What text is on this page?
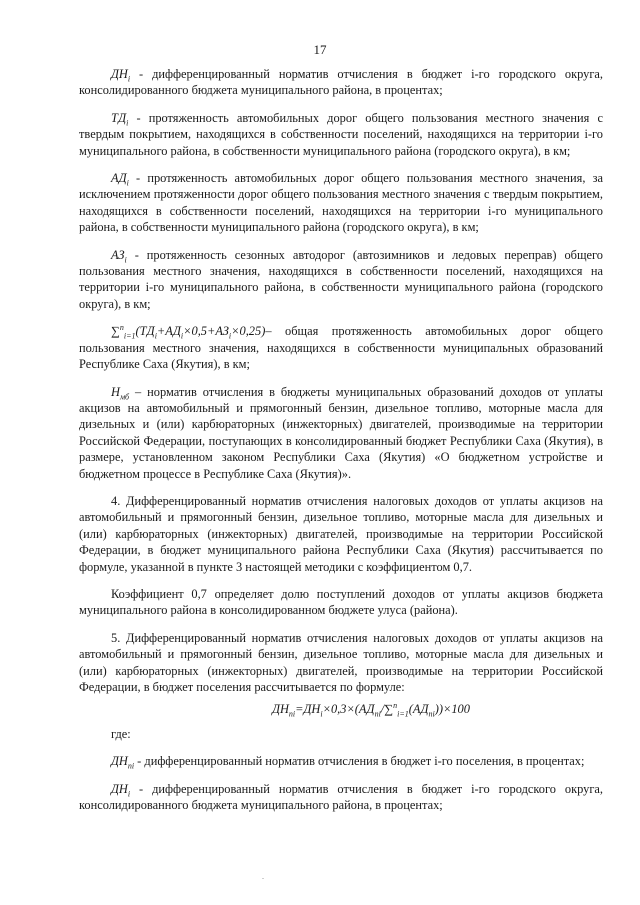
17

$ДН_i$ - дифференцированный норматив отчисления в бюджет i-го городского округа, консолидированного бюджета муниципального района, в процентах;

$ТД_i$ - протяженность автомобильных дорог общего пользования местного значения с твердым покрытием, находящихся в собственности поселений, находящихся на территории i-го муниципального района, в собственности муниципального района (городского округа), в км;

$АД_i$ - протяженность автомобильных дорог общего пользования местного значения, за исключением протяженности дорог общего пользования местного значения с твердым покрытием, находящихся в собственности поселений, находящихся на территории i-го муниципального района, в собственности муниципального района (городского округа), в км;

$АЗ_i$ - протяженность сезонных автодорог (автозимников и ледовых переправ) общего пользования местного значения, находящихся в собственности поселений, находящихся на территории i-го муниципального района, в собственности муниципального района (городского округа), в км;

$\sum^n_{i=1}(ТД_i+АД_i\times 0,5+АЗ_i\times 0,25)-$ общая протяженность автомобильных дорог общего пользования местного значения, находящихся в собственности муниципальных образований Республике Саха (Якутия), в км;

$Н_{мб}$ – норматив отчисления в бюджеты муниципальных образований доходов от уплаты акцизов на автомобильный и прямогонный бензин, дизельное топливо, моторные масла для дизельных и (или) карбюраторных (инжекторных) двигателей, производимые на территории Российской Федерации, поступающих в консолидированный бюджет Республики Саха (Якутия), в размере, установленном законом Республики Саха (Якутия) «О бюджетном устройстве и бюджетном процессе в Республике Саха (Якутия)».

4. Дифференцированный норматив отчисления налоговых доходов от уплаты акцизов на автомобильный и прямогонный бензин, дизельное топливо, моторные масла для дизельных и (или) карбюраторных (инжекторных) двигателей, производимые на территории Российской Федерации, в бюджет муниципального района Республики Саха (Якутия) рассчитывается по формуле, указанной в пункте 3 настоящей методики с коэффициентом 0,7.

Коэффициент 0,7 определяет долю поступлений доходов от уплаты акцизов бюджета муниципального района в консолидированном бюджете улуса (района).

5. Дифференцированный норматив отчисления налоговых доходов от уплаты акцизов на автомобильный и прямогонный бензин, дизельное топливо, моторные масла для дизельных и (или) карбюраторных (инжекторных) двигателей, производимые на территории Российской Федерации, в бюджет поселения рассчитывается по формуле:

$ДН_{пi}=ДН_i\times 0,3\times(АД_{пi}/\sum^n_{i=1}(АД_{пi}))\times 100$

где:

$ДН_{пi}$ - дифференцированный норматив отчисления в бюджет i-го поселения, в процентах;

$ДН_i$ - дифференцированный норматив отчисления в бюджет i-го городского округа, консолидированного бюджета муниципального района, в процентах;
